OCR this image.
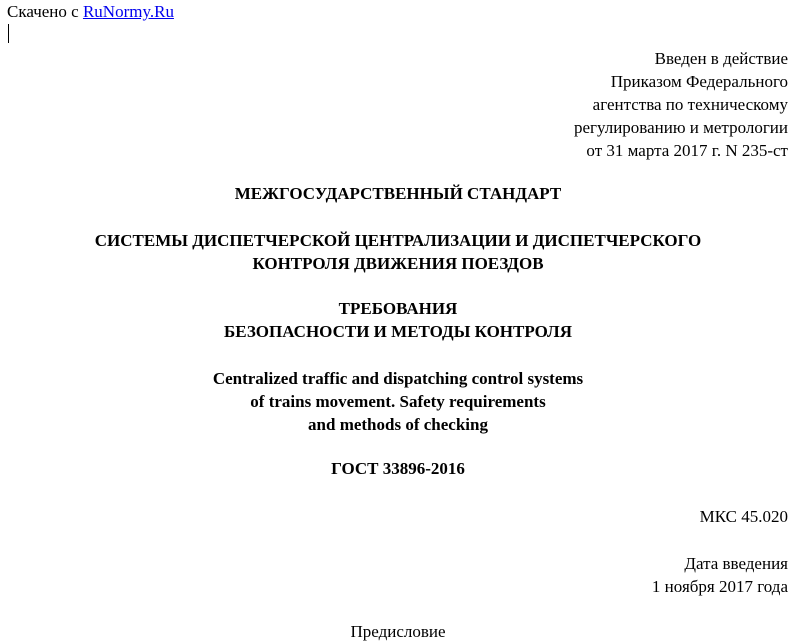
Скачено с RuNormy.Ru
Введен в действие
Приказом Федерального
агентства по техническому
регулированию и метрологии
от 31 марта 2017 г. N 235-ст
МЕЖГОСУДАРСТВЕННЫЙ СТАНДАРТ
СИСТЕМЫ ДИСПЕТЧЕРСКОЙ ЦЕНТРАЛИЗАЦИИ И ДИСПЕТЧЕРСКОГО
КОНТРОЛЯ ДВИЖЕНИЯ ПОЕЗДОВ
ТРЕБОВАНИЯ
БЕЗОПАСНОСТИ И МЕТОДЫ КОНТРОЛЯ
Centralized traffic and dispatching control systems
of trains movement. Safety requirements
and methods of checking
ГОСТ 33896-2016
МКС 45.020
Дата введения
1 ноября 2017 года
Предисловие
